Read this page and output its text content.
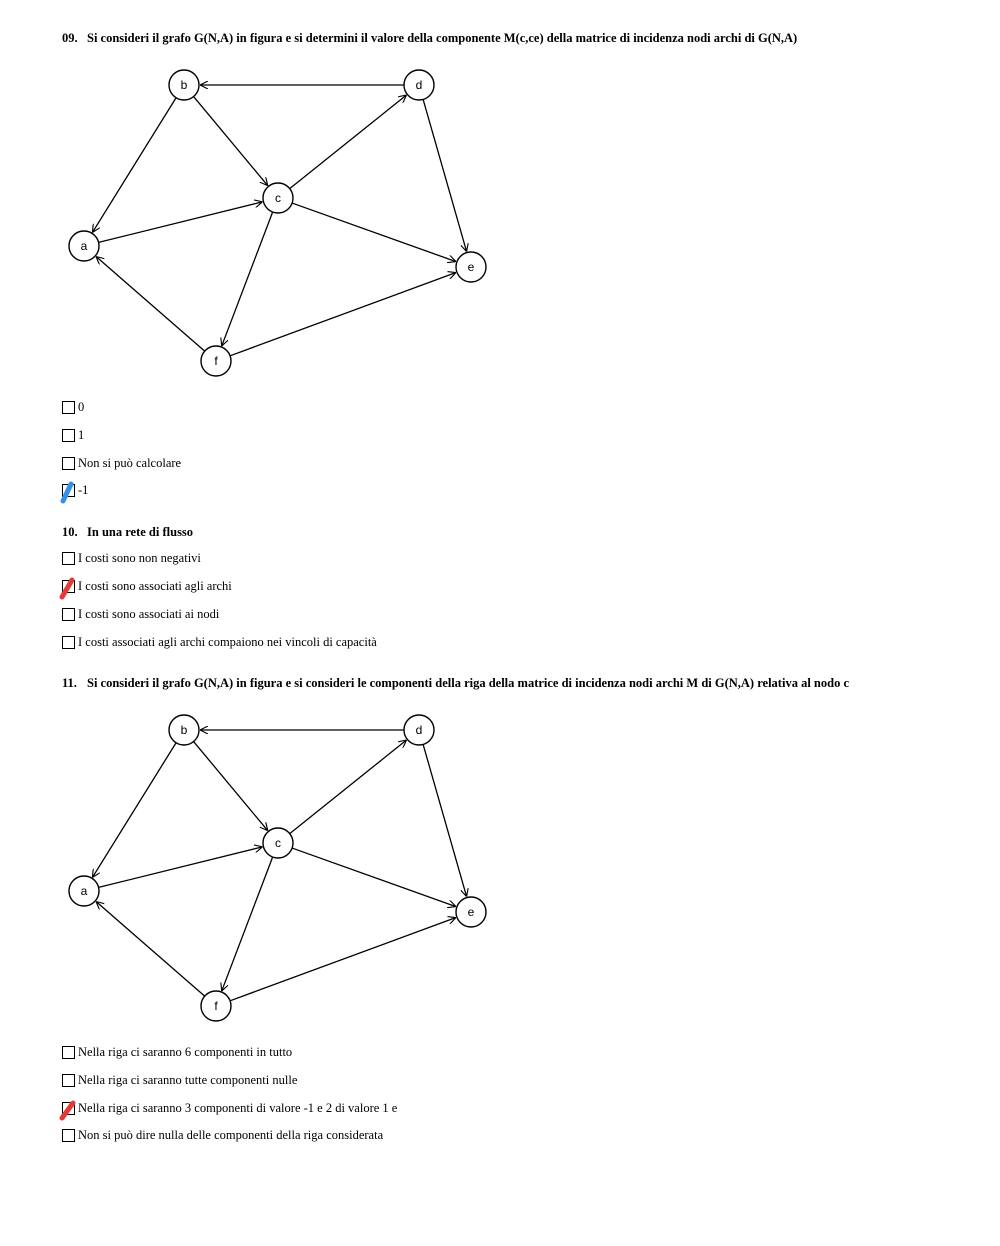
09. Si consideri il grafo G(N,A) in figura e si determini il valore della componente M(c,ce) della matrice di incidenza nodi archi di G(N,A)
a
b
c
d
e
f
0
1
Non si può calcolare
-1
10. In una rete di flusso
I costi sono non negativi
I costi sono associati agli archi
I costi sono associati ai nodi
I costi associati agli archi compaiono nei vincoli di capacità
11. Si consideri il grafo G(N,A) in figura e si consideri le componenti della riga della matrice di incidenza nodi archi M di G(N,A) relativa al nodo c
a
b
c
d
e
f
Nella riga ci saranno 6 componenti in tutto
Nella riga ci saranno tutte componenti nulle
Nella riga ci saranno 3 componenti di valore -1 e 2 di valore 1 e
Non si può dire nulla delle componenti della riga considerata
